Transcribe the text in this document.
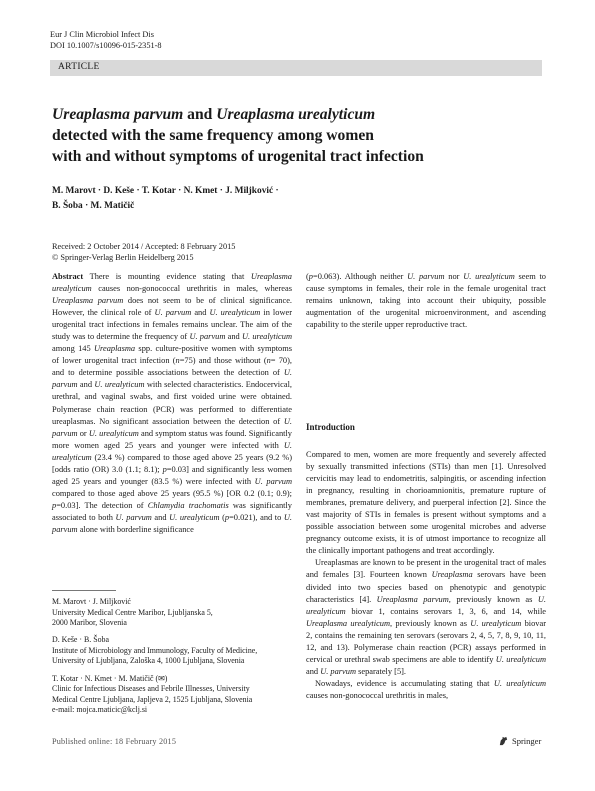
Eur J Clin Microbiol Infect Dis
DOI 10.1007/s10096-015-2351-8
ARTICLE
Ureaplasma parvum and Ureaplasma urealyticum
detected with the same frequency among women
with and without symptoms of urogenital tract infection
M. Marovt · D. Keše · T. Kotar · N. Kmet · J. Miljković ·
B. Šoba · M. Matičič
Received: 2 October 2014 / Accepted: 8 February 2015
© Springer-Verlag Berlin Heidelberg 2015

Abstract There is mounting evidence stating that Ureaplasma urealyticum causes non-gonococcal urethritis in males, whereas Ureaplasma parvum does not seem to be of clinical significance. However, the clinical role of U. parvum and U. urealyticum in lower urogenital tract infections in females remains unclear. The aim of the study was to determine the frequency of U. parvum and U. urealyticum among 145 Ureaplasma spp. culture-positive women with symptoms of lower urogenital tract infection (n=75) and those without (n= 70), and to determine possible associations between the detection of U. parvum and U. urealyticum with selected characteristics. Endocervical, urethral, and vaginal swabs, and first voided urine were obtained. Polymerase chain reaction (PCR) was performed to differentiate ureaplasmas. No significant association between the detection of U. parvum or U. urealyticum and symptom status was found. Significantly more women aged 25 years and younger were infected with U. urealyticum (23.4 %) compared to those aged above 25 years (9.2 %) [odds ratio (OR) 3.0 (1.1; 8.1); p=0.03] and significantly less women aged 25 years and younger (83.5 %) were infected with U. parvum compared to those aged above 25 years (95.5 %) [OR 0.2 (0.1; 0.9); p=0.03]. The detection of Chlamydia trachomatis was significantly associated to both U. parvum and U. urealyticum (p=0.021), and to U. parvum alone with borderline significance

(p=0.063). Although neither U. parvum nor U. urealyticum seem to cause symptoms in females, their role in the female urogenital tract remains unknown, taking into account their ubiquity, possible augmentation of the urogenital microenvironment, and ascending capability to the sterile upper reproductive tract.

Introduction

Compared to men, women are more frequently and severely affected by sexually transmitted infections (STIs) than men [1]. Unresolved cervicitis may lead to endometritis, salpingitis, or ascending infection in pregnancy, resulting in chorioamnionitis, premature rupture of membranes, premature delivery, and puerperal infection [2]. Since the vast majority of STIs in females is present without symptoms and a possible association between some urogenital microbes and adverse pregnancy outcome exists, it is of utmost importance to recognize all the clinically important pathogens and treat accordingly.

Ureaplasmas are known to be present in the urogenital tract of males and females [3]. Fourteen known Ureaplasma serovars have been divided into two species based on phenotypic and genotypic characteristics [4]. Ureaplasma parvum, previously known as U. urealyticum biovar 1, contains serovars 1, 3, 6, and 14, while Ureaplasma urealyticum, previously known as U. urealyticum biovar 2, contains the remaining ten serovars (serovars 2, 4, 5, 7, 8, 9, 10, 11, 12, and 13). Polymerase chain reaction (PCR) assays performed in cervical or urethral swab specimens are able to identify U. urealyticum and U. parvum separately [5].

Nowadays, evidence is accumulating stating that U. urealyticum causes non-gonococcal urethritis in males,

M. Marovt · J. Miljković
University Medical Centre Maribor, Ljubljanska 5,
2000 Maribor, Slovenia

D. Keše · B. Šoba
Institute of Microbiology and Immunology, Faculty of Medicine,
University of Ljubljana, Zaloška 4, 1000 Ljubljana, Slovenia

T. Kotar · N. Kmet · M. Matičič (✉)
Clinic for Infectious Diseases and Febrile Illnesses, University
Medical Centre Ljubljana, Japljeva 2, 1525 Ljubljana, Slovenia
e-mail: mojca.maticic@kclj.si

Published online: 18 February 2015	Springer
